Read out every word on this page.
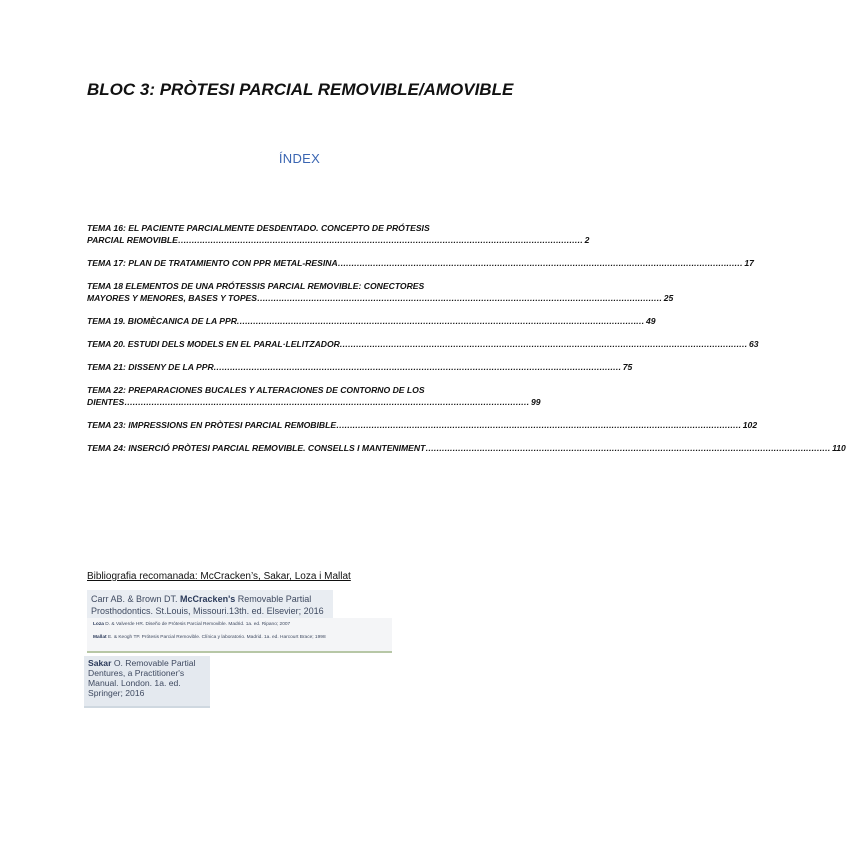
BLOC 3: PRÒTESI PARCIAL REMOVIBLE/AMOVIBLE
ÍNDEX
TEMA 16: EL PACIENTE PARCIALMENTE DESDENTADO. CONCEPTO DE PRÓTESIS
PARCIAL REMOVIBLE …………………………………………………………………………………………………………………………………… 2
TEMA 17: PLAN DE TRATAMIENTO CON PPR METAL-RESINA …………………………………………………………………………………………………………………………………… 17
TEMA 18 ELEMENTOS DE UNA PRÓTESSIS PARCIAL REMOVIBLE: CONECTORES
MAYORES Y MENORES, BASES Y TOPES …………………………………………………………………………………………………………………………………… 25
TEMA 19. BIOMÈCANICA DE LA PPR. …………………………………………………………………………………………………………………………………… 49
TEMA 20. ESTUDI DELS MODELS EN EL PARAL·LELITZADOR. …………………………………………………………………………………………………………………………………… 63
TEMA 21: DISSENY DE LA PPR. …………………………………………………………………………………………………………………………………… 75
TEMA 22: PREPARACIONES BUCALES Y ALTERACIONES DE CONTORNO DE LOS
DIENTES …………………………………………………………………………………………………………………………………… 99
TEMA 23: IMPRESSIONS EN PRÒTESI PARCIAL REMOBIBLE …………………………………………………………………………………………………………………………………… 102
TEMA 24: INSERCIÓ PRÒTESI PARCIAL REMOVIBLE. CONSELLS I MANTENIMENT …………………………………………………………………………………………………………………………………… 110
Bibliografia recomanada: McCracken’s, Sakar, Loza i Mallat
Carr AB. & Brown DT. McCracken's Removable Partial
Prosthodontics. St.Louis, Missouri.13th. ed. Elsevier; 2016
Loza D. & Valverde HR. Diseño de Prótesis Parcial Removible. Madrid. 1a. ed. Ripano; 2007
Mallat E. & Keogh TP. Prótesis Parcial Removible. Clínica y laboratorio. Madrid. 1a. ed. Harcourt Brace; 1998
Sakar O. Removable Partial
Dentures, a Practitioner's
Manual. London. 1a. ed.
Springer; 2016
